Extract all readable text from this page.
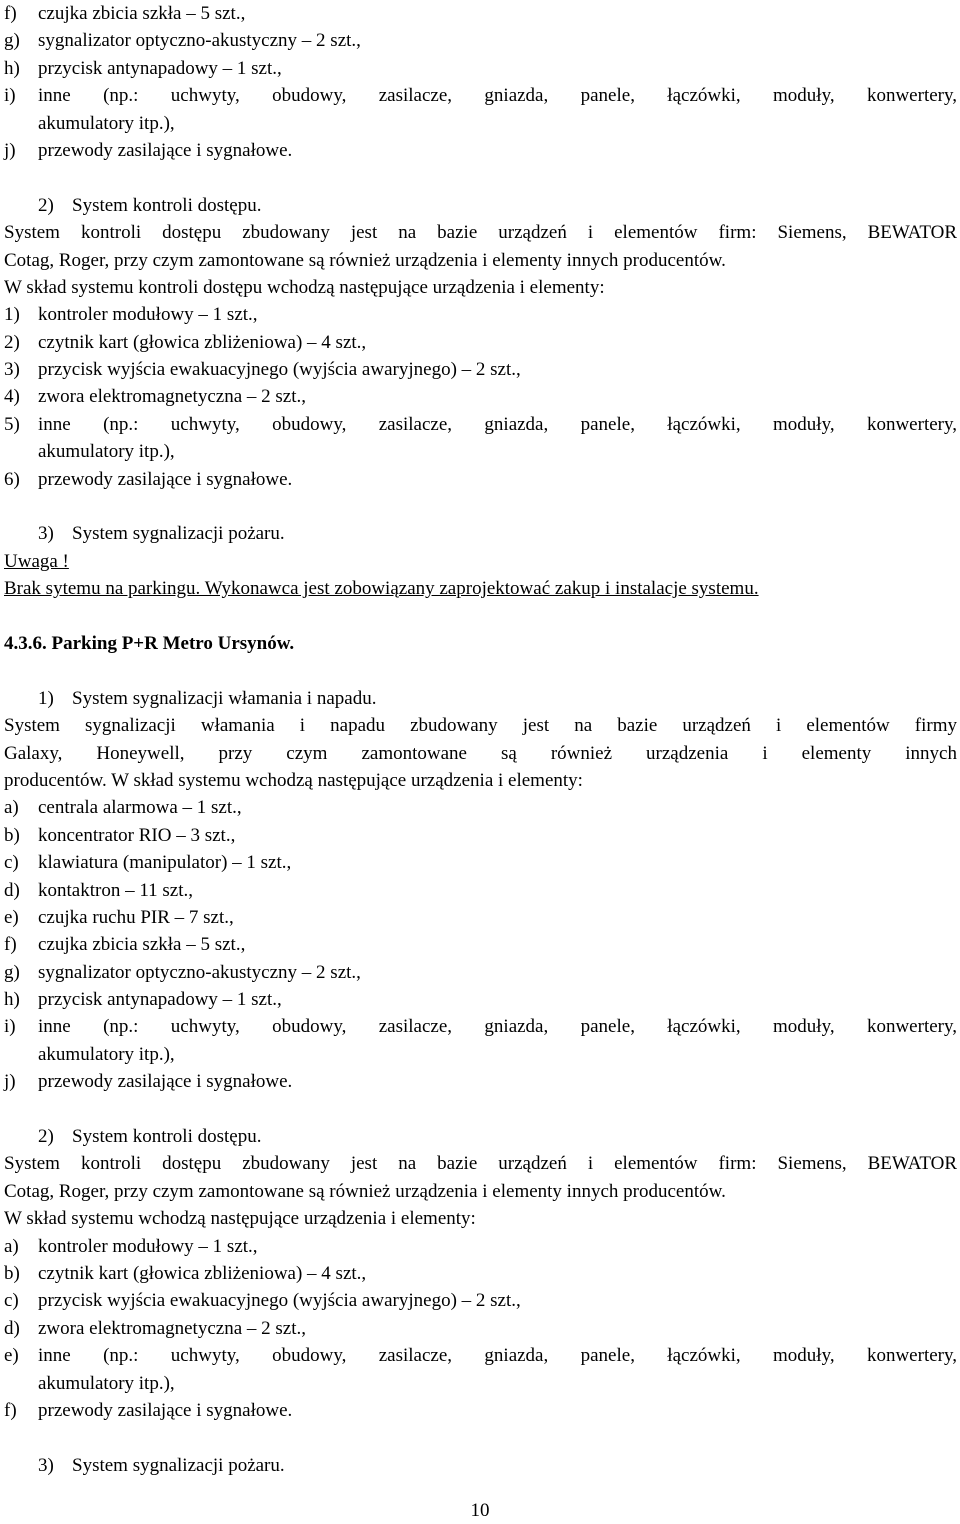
f)	czujka zbicia szkła – 5 szt.,
g) sygnalizator optyczno-akustyczny – 2 szt.,
h) przycisk antynapadowy – 1 szt.,
i)	inne (np.: uchwyty, obudowy, zasilacze, gniazda, panele, łączówki, moduły, konwertery,
akumulatory itp.),
j)	przewody zasilające i sygnałowe.
2) System kontroli dostępu.
System kontroli dostępu zbudowany jest na bazie urządzeń i elementów firm: Siemens, BEWATOR
Cotag, Roger, przy czym zamontowane są również urządzenia i elementy innych producentów.
W skład systemu kontroli dostępu wchodzą następujące urządzenia i elementy:
1) kontroler modułowy – 1 szt.,
2) czytnik kart (głowica zbliżeniowa) – 4 szt.,
3) przycisk wyjścia ewakuacyjnego (wyjścia awaryjnego) – 2 szt.,
4) zwora elektromagnetyczna – 2 szt.,
5) inne (np.: uchwyty, obudowy, zasilacze, gniazda, panele, łączówki, moduły, konwertery,
akumulatory itp.),
6) przewody zasilające i sygnałowe.
3) System sygnalizacji pożaru.
Uwaga !
Brak sytemu na parkingu. Wykonawca jest zobowiązany zaprojektować zakup i instalacje systemu.
4.3.6. Parking P+R Metro Ursynów.
1) System sygnalizacji włamania i napadu.
System sygnalizacji włamania i napadu zbudowany jest na bazie urządzeń i elementów firmy
Galaxy, Honeywell, przy czym zamontowane są również urządzenia i elementy innych
producentów. W skład systemu wchodzą następujące urządzenia i elementy:
a)	centrala alarmowa – 1 szt.,
b) koncentrator RIO – 3 szt.,
c)	klawiatura (manipulator) – 1 szt.,
d) kontaktron – 11 szt.,
e)	czujka ruchu PIR – 7 szt.,
f)	czujka zbicia szkła – 5 szt.,
g) sygnalizator optyczno-akustyczny – 2 szt.,
h) przycisk antynapadowy – 1 szt.,
i)	inne (np.: uchwyty, obudowy, zasilacze, gniazda, panele, łączówki, moduły, konwertery,
akumulatory itp.),
j)	przewody zasilające i sygnałowe.
2) System kontroli dostępu.
System kontroli dostępu zbudowany jest na bazie urządzeń i elementów firm: Siemens, BEWATOR
Cotag, Roger, przy czym zamontowane są również urządzenia i elementy innych producentów.
W skład systemu wchodzą następujące urządzenia i elementy:
a)	kontroler modułowy – 1 szt.,
b) czytnik kart (głowica zbliżeniowa) – 4 szt.,
c)	przycisk wyjścia ewakuacyjnego (wyjścia awaryjnego) – 2 szt.,
d) zwora elektromagnetyczna – 2 szt.,
e)	inne (np.: uchwyty, obudowy, zasilacze, gniazda, panele, łączówki, moduły, konwertery,
akumulatory itp.),
f)	przewody zasilające i sygnałowe.
3) System sygnalizacji pożaru.
10
